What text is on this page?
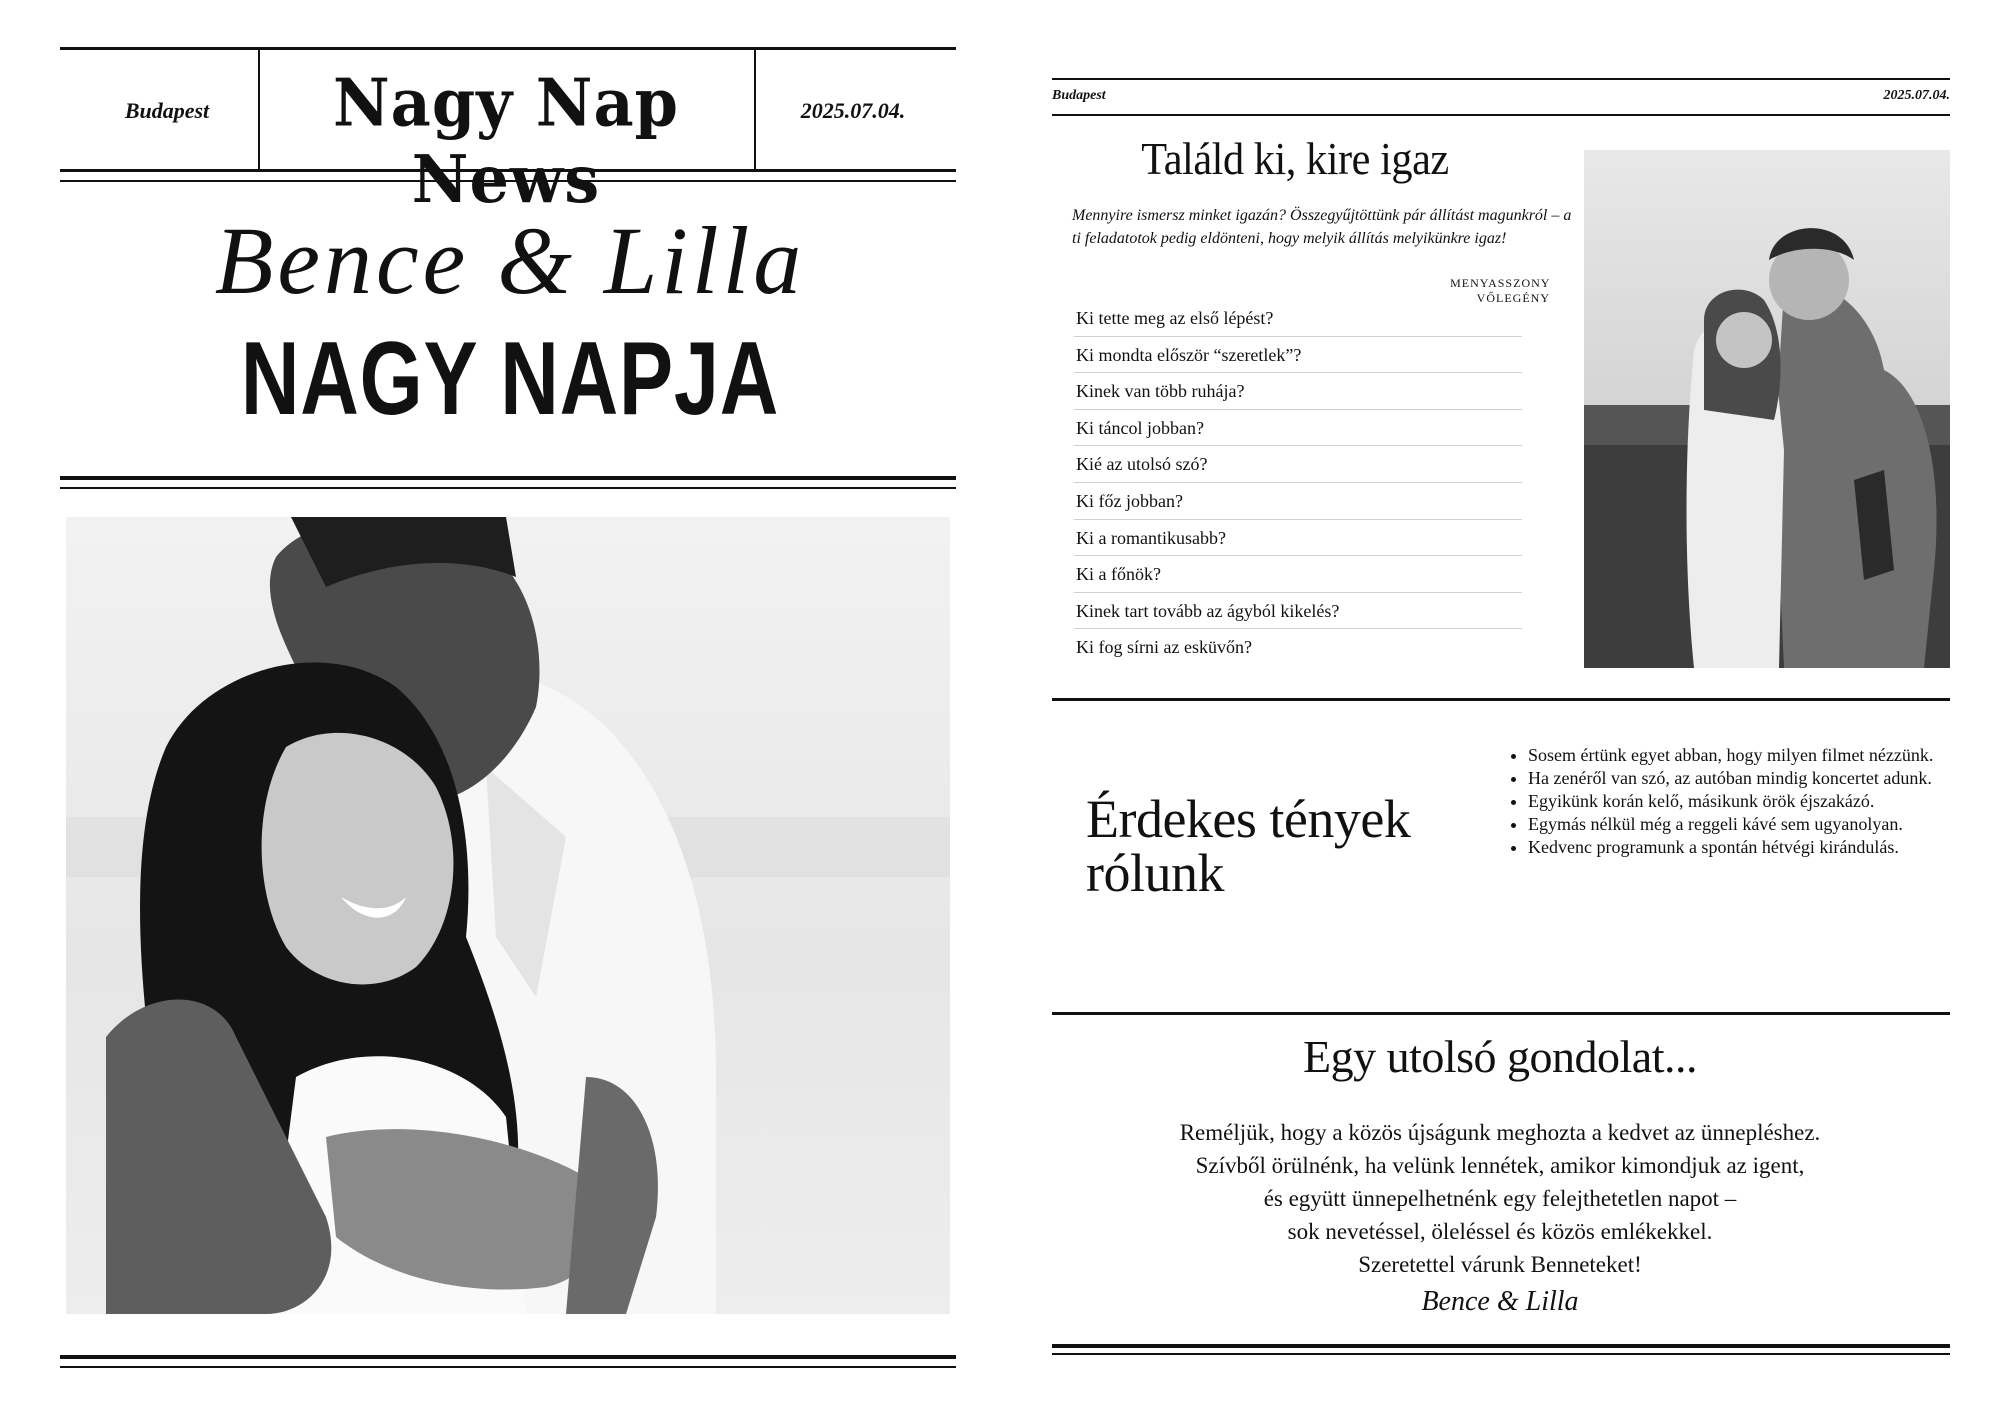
Budapest	Nagy Nap News
2025.07.04.
Bence & Lilla
NAGY NAPJA
Budapest	2025.07.04.
Találd ki, kire igaz
Mennyire ismersz minket igazán? Összegyűjtöttünk pár állítást magunkról – a ti feladatotok pedig eldönteni, hogy melyik állítás melyikünkre igaz!
MENYASSZONY VŐLEGÉNY
Ki tette meg az első lépést?
Ki mondta először “szeretlek”?
Kinek van több ruhája?
Ki táncol jobban?
Kié az utolsó szó?
Ki főz jobban?
Ki a romantikusabb?
Ki a főnök?
Kinek tart tovább az ágyból kikelés?
Ki fog sírni az esküvőn?
Érdekes tények rólunk
• Sosem értünk egyet abban, hogy milyen filmet nézzünk.
• Ha zenéről van szó, az autóban mindig koncertet adunk.
• Egyikünk korán kelő, másikunk örök éjszakázó.
• Egymás nélkül még a reggeli kávé sem ugyanolyan.
• Kedvenc programunk a spontán hétvégi kirándulás.
Egy utolsó gondolat...
Reméljük, hogy a közös újságunk meghozta a kedvet az ünnepléshez.
Szívből örülnénk, ha velünk lennétek, amikor kimondjuk az igent,
és együtt ünnepelhetnénk egy felejthetetlen napot –
sok nevetéssel, öleléssel és közös emlékekkel.
Szeretettel várunk Benneteket!
Bence & Lilla
